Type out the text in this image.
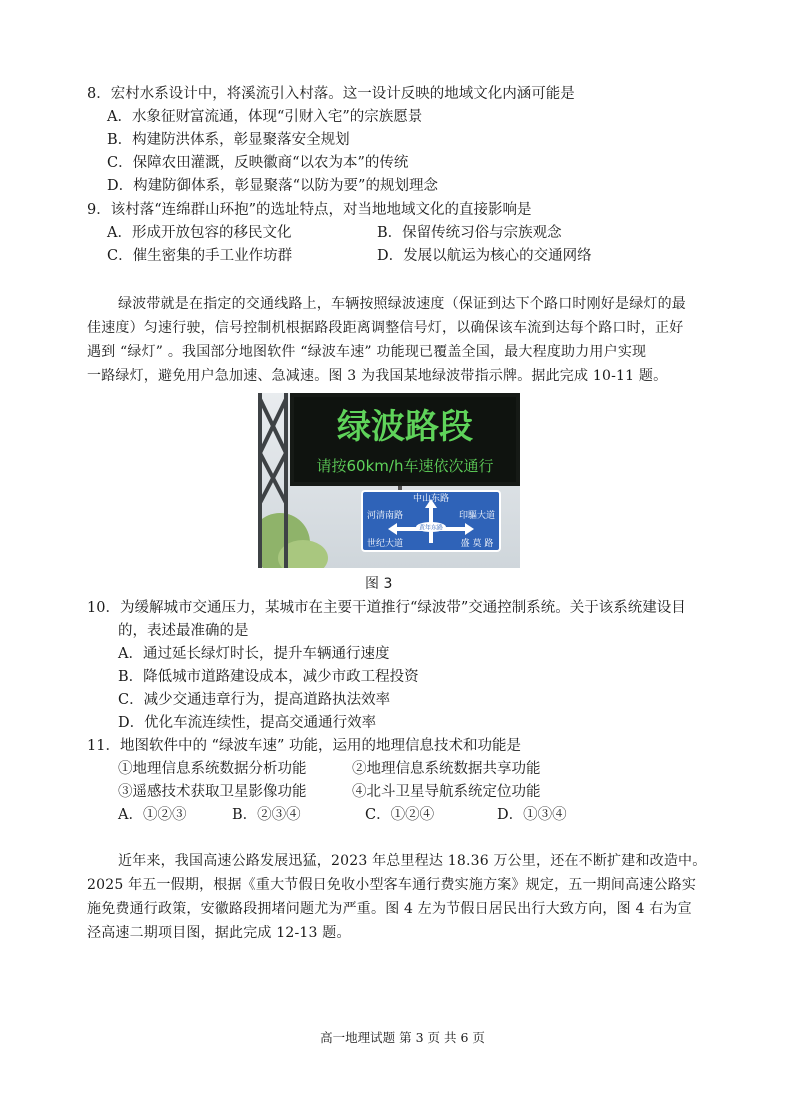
8．宏村水系设计中，将溪流引入村落。这一设计反映的地域文化内涵可能是
A．水象征财富流通，体现“引财入宅”的宗族愿景
B．构建防洪体系，彰显聚落安全规划
C．保障农田灌溉，反映徽商“以农为本”的传统
D．构建防御体系，彰显聚落“以防为要”的规划理念
9．该村落“连绵群山环抱”的选址特点，对当地地域文化的直接影响是
A．形成开放包容的移民文化	B．保留传统习俗与宗族观念
C．催生密集的手工业作坊群	D．发展以航运为核心的交通网络
绿波带就是在指定的交通线路上，车辆按照绿波速度（保证到达下个路口时刚好是绿灯的最
佳速度）匀速行驶，信号控制机根据路段距离调整信号灯，以确保该车流到达每个路口时，正好
遇到 “绿灯” 。我国部分地图软件 “绿波车速” 功能现已覆盖全国，最大程度助力用户实现
一路绿灯，避免用户急加速、急减速。图 3 为我国某地绿波带指示牌。据此完成 10-11 题。
绿波路段
请按60km/h车速依次通行
黄年东路
中山东路
河清南路	印驅大道
世纪大道	盛 莫 路
图 3
10．为缓解城市交通压力，某城市在主要干道推行“绿波带”交通控制系统。关于该系统建设目
的，表述最准确的是
A．通过延长绿灯时长，提升车辆通行速度
B．降低城市道路建设成本，减少市政工程投资
C．减少交通违章行为，提高道路执法效率
D．优化车流连续性，提高交通通行效率
11．地图软件中的 “绿波车速” 功能，运用的地理信息技术和功能是
①地理信息系统数据分析功能	②地理信息系统数据共享功能
③遥感技术获取卫星影像功能	④北斗卫星导航系统定位功能
A．①②③	B．②③④	C．①②④	D．①③④
近年来，我国高速公路发展迅猛，2023 年总里程达 18.36 万公里，还在不断扩建和改造中。
2025 年五一假期，根据《重大节假日免收小型客车通行费实施方案》规定，五一期间高速公路实
施免费通行政策，安徽路段拥堵问题尤为严重。图 4 左为节假日居民出行大致方向，图 4 右为宣
泾高速二期项目图，据此完成 12-13 题。
高一地理试题 第 3 页 共 6 页
